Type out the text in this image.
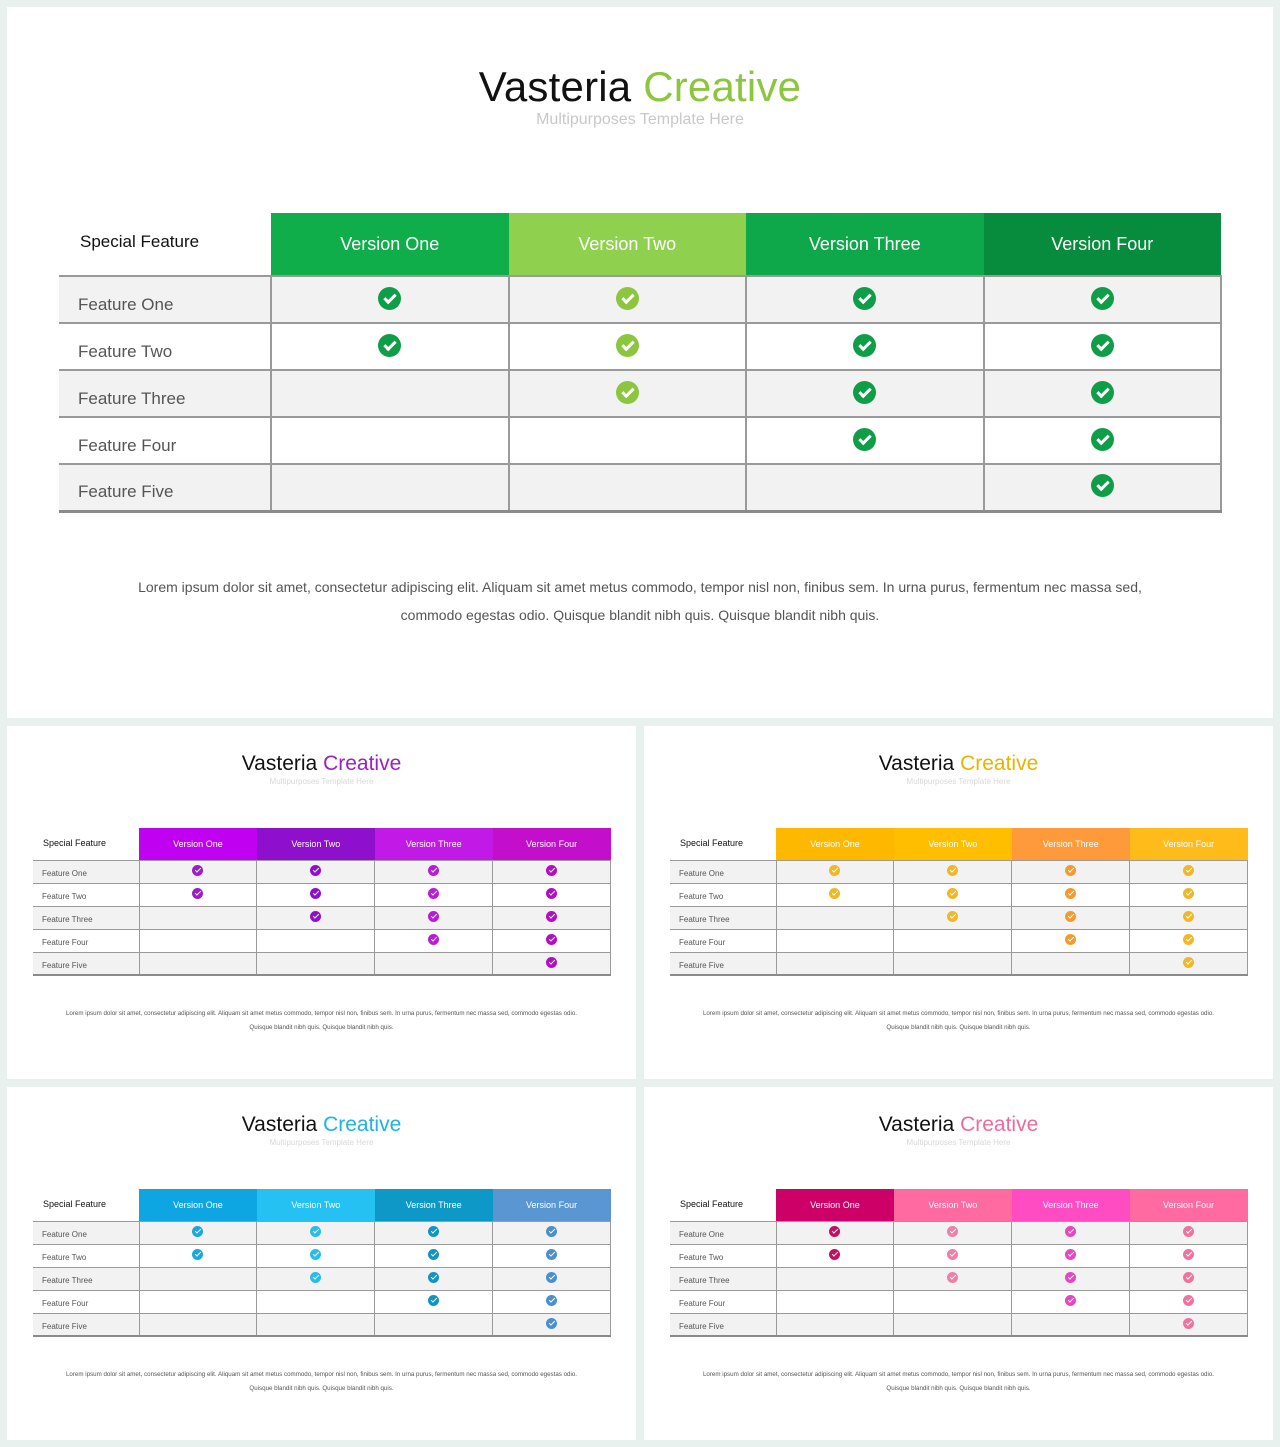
Vasteria Creative
Multipurposes Template Here
Special Feature	Version One	Version Two	Version Three	Version Four
Feature One				
Feature Two				
Feature Three				
Feature Four				
Feature Five				
Lorem ipsum dolor sit amet, consectetur adipiscing elit. Aliquam sit amet metus commodo, tempor nisl non, finibus sem. In urna purus, fermentum nec massa sed, commodo egestas odio. Quisque blandit nibh quis. Quisque blandit nibh quis.
Vasteria Creative
Multipurposes Template Here
Special Feature	Version One	Version Two	Version Three	Version Four
Feature One				
Feature Two				
Feature Three				
Feature Four				
Feature Five				
Lorem ipsum dolor sit amet, consectetur adipiscing elit. Aliquam sit amet metus commodo, tempor nisl non, finibus sem. In urna purus, fermentum nec massa sed, commodo egestas odio. Quisque blandit nibh quis. Quisque blandit nibh quis.
Vasteria Creative
Multipurposes Template Here
Special Feature	Version One	Version Two	Version Three	Version Four
Feature One				
Feature Two				
Feature Three				
Feature Four				
Feature Five				
Lorem ipsum dolor sit amet, consectetur adipiscing elit. Aliquam sit amet metus commodo, tempor nisl non, finibus sem. In urna purus, fermentum nec massa sed, commodo egestas odio. Quisque blandit nibh quis. Quisque blandit nibh quis.
Vasteria Creative
Multipurposes Template Here
Special Feature	Version One	Version Two	Version Three	Version Four
Feature One				
Feature Two				
Feature Three				
Feature Four				
Feature Five				
Lorem ipsum dolor sit amet, consectetur adipiscing elit. Aliquam sit amet metus commodo, tempor nisl non, finibus sem. In urna purus, fermentum nec massa sed, commodo egestas odio. Quisque blandit nibh quis. Quisque blandit nibh quis.
Vasteria Creative
Multipurposes Template Here
Special Feature	Version One	Version Two	Version Three	Version Four
Feature One				
Feature Two				
Feature Three				
Feature Four				
Feature Five				
Lorem ipsum dolor sit amet, consectetur adipiscing elit. Aliquam sit amet metus commodo, tempor nisl non, finibus sem. In urna purus, fermentum nec massa sed, commodo egestas odio. Quisque blandit nibh quis. Quisque blandit nibh quis.
